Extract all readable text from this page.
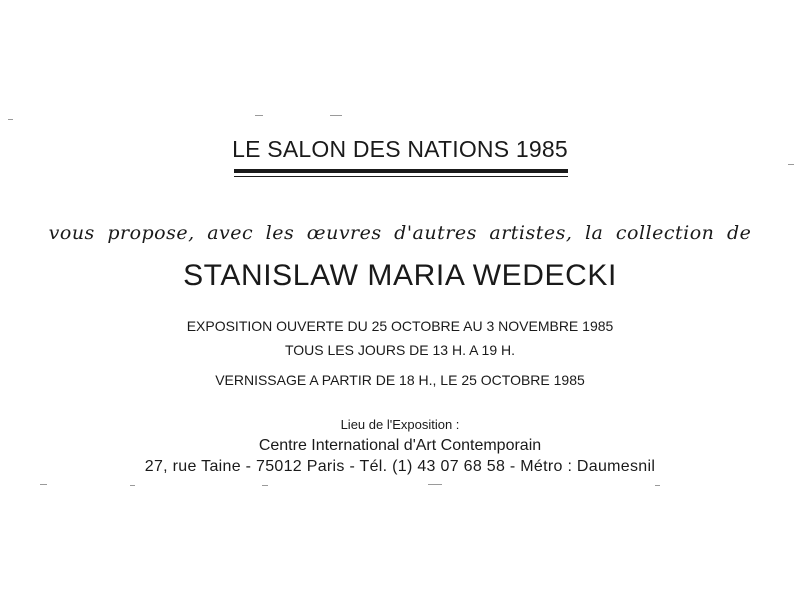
LE SALON DES NATIONS 1985
vous propose, avec les œuvres d'autres artistes, la collection de
STANISLAW MARIA WEDECKI
EXPOSITION OUVERTE DU 25 OCTOBRE AU 3 NOVEMBRE 1985
TOUS LES JOURS DE 13 H. A 19 H.
VERNISSAGE A PARTIR DE 18 H., LE 25 OCTOBRE 1985
Lieu de l'Exposition :
Centre International d'Art Contemporain
27, rue Taine - 75012 Paris - Tél. (1) 43 07 68 58 - Métro : Daumesnil
